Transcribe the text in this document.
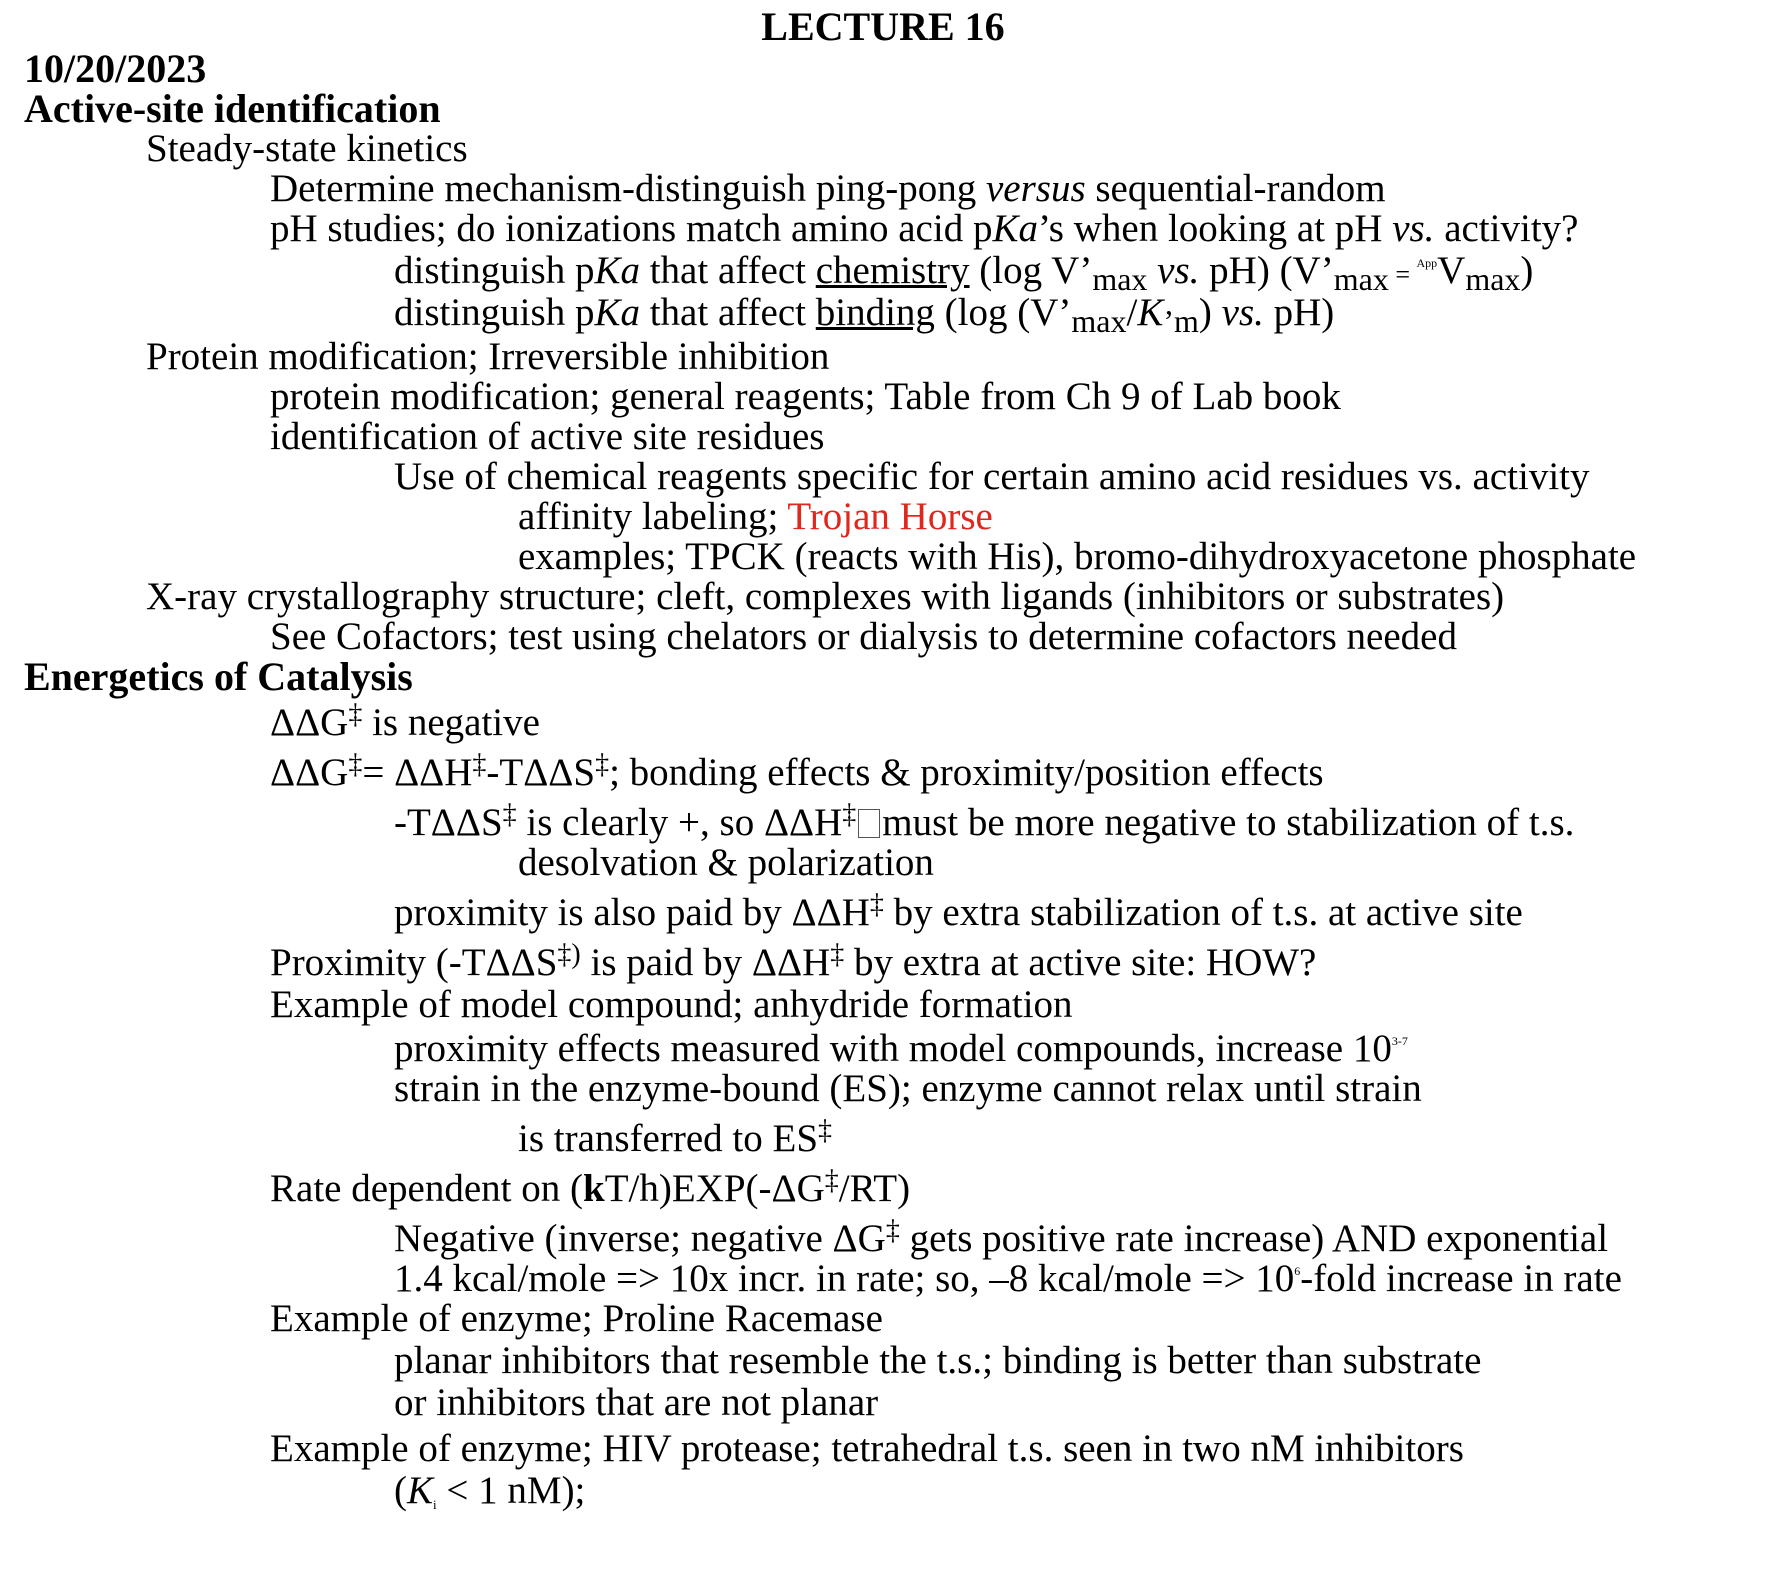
LECTURE 16
10/20/2023
Active-site identification
Steady-state kinetics
Determine mechanism-distinguish ping-pong versus sequential-random
pH studies; do ionizations match amino acid pKa’s when looking at pH vs. activity?
distinguish pKa that affect chemistry (log V’max vs. pH) (V’max = $^{App}$Vmax)
distinguish pKa that affect binding (log (V’max/K’m) vs. pH)
Protein modification; Irreversible inhibition
protein modification; general reagents; Table from Ch 9 of Lab book
identification of active site residues
Use of chemical reagents specific for certain amino acid residues vs. activity
affinity labeling; Trojan Horse
examples; TPCK (reacts with His), bromo-dihydroxyacetone phosphate
X-ray crystallography structure; cleft, complexes with ligands (inhibitors or substrates)
See Cofactors; test using chelators or dialysis to determine cofactors needed
Energetics of Catalysis
ΔΔG‡ is negative
ΔΔG‡= ΔΔH‡-TΔΔS‡; bonding effects & proximity/position effects
-TΔΔS‡ is clearly +, so ΔΔH‡ must be more negative to stabilization of t.s.
desolvation & polarization
proximity is also paid by ΔΔH‡ by extra stabilization of t.s. at active site
Proximity (-TΔΔS‡) is paid by ΔΔH‡ by extra at active site: HOW?
Example of model compound; anhydride formation
proximity effects measured with model compounds, increase 10$^{3-7}$
strain in the enzyme-bound (ES); enzyme cannot relax until strain
is transferred to ES‡
Rate dependent on (kT/h)EXP(-ΔG‡/RT)
Negative (inverse; negative ΔG‡ gets positive rate increase) AND exponential
1.4 kcal/mole => 10x incr. in rate; so, –8 kcal/mole => $10^6$-fold increase in rate
Example of enzyme; Proline Racemase
planar inhibitors that resemble the t.s.; binding is better than substrate
or inhibitors that are not planar
Example of enzyme; HIV protease; tetrahedral t.s. seen in two nM inhibitors
(Ki < 1 nM);
